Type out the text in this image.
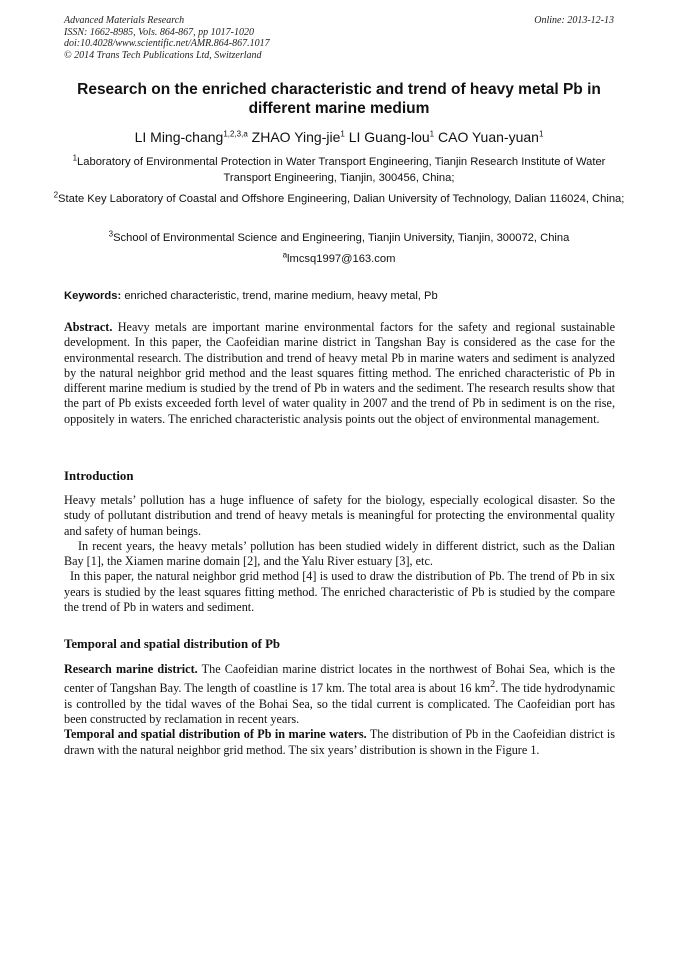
Advanced Materials Research
ISSN: 1662-8985, Vols. 864-867, pp 1017-1020
doi:10.4028/www.scientific.net/AMR.864-867.1017
© 2014 Trans Tech Publications Ltd, Switzerland
Online: 2013-12-13
Research on the enriched characteristic and trend of heavy metal Pb in different marine medium
LI Ming-chang$^{1,2,3,a}$ ZHAO Ying-jie$^1$ LI Guang-lou$^1$ CAO Yuan-yuan$^1$
$^1$Laboratory of Environmental Protection in Water Transport Engineering, Tianjin Research Institute of Water Transport Engineering, Tianjin, 300456, China;
$^2$State Key Laboratory of Coastal and Offshore Engineering, Dalian University of Technology, Dalian 116024, China;
$^3$School of Environmental Science and Engineering, Tianjin University, Tianjin, 300072, China
$^a$lmcsq1997@163.com
Keywords: enriched characteristic, trend, marine medium, heavy metal, Pb

Abstract. Heavy metals are important marine environmental factors for the safety and regional sustainable development. In this paper, the Caofeidian marine district in Tangshan Bay is considered as the case for the environmental research. The distribution and trend of heavy metal Pb in marine waters and sediment is analyzed by the natural neighbor grid method and the least squares fitting method. The enriched characteristic of Pb in different marine medium is studied by the trend of Pb in waters and the sediment. The research results show that the part of Pb exists exceeded forth level of water quality in 2007 and the trend of Pb in sediment is on the rise, oppositely in waters. The enriched characteristic analysis points out the object of environmental management.

Introduction
Heavy metals’ pollution has a huge influence of safety for the biology, especially ecological disaster. So the study of pollutant distribution and trend of heavy metals is meaningful for protecting the environmental quality and safety of human beings.
In recent years, the heavy metals’ pollution has been studied widely in different district, such as the Dalian Bay [1], the Xiamen marine domain [2], and the Yalu River estuary [3], etc.
In this paper, the natural neighbor grid method [4] is used to draw the distribution of Pb. The trend of Pb in six years is studied by the least squares fitting method. The enriched characteristic of Pb is studied by the compare the trend of Pb in waters and sediment.
Temporal and spatial distribution of Pb
Research marine district. The Caofeidian marine district locates in the northwest of Bohai Sea, which is the center of Tangshan Bay. The length of coastline is 17 km. The total area is about 16 $km^2$. The tide hydrodynamic is controlled by the tidal waves of the Bohai Sea, so the tidal current is complicated. The Caofeidian port has been constructed by reclamation in recent years.
Temporal and spatial distribution of Pb in marine waters. The distribution of Pb in the Caofeidian district is drawn with the natural neighbor grid method. The six years’ distribution is shown in the Figure 1.
